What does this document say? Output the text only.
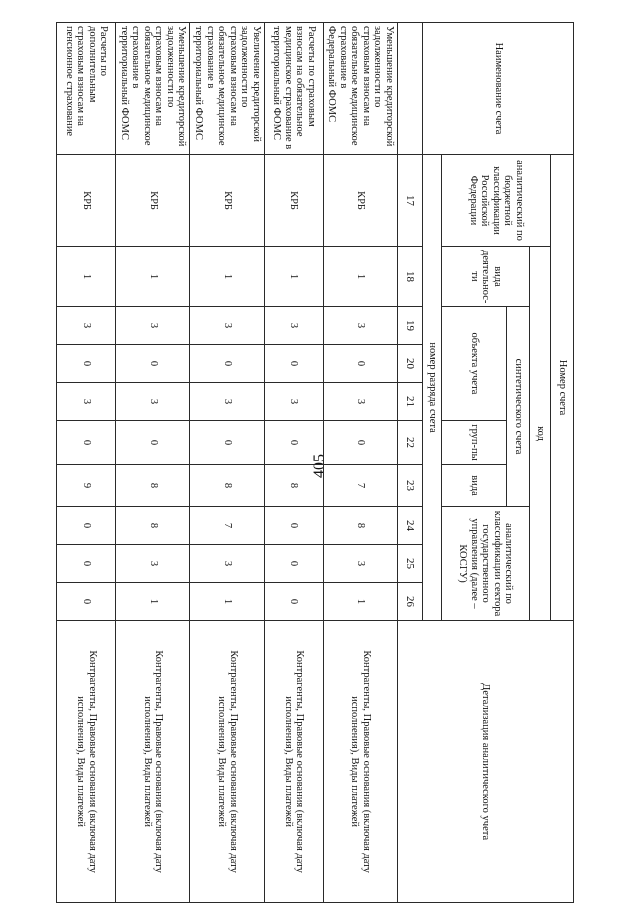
405
Наименование счета	Номер счета										Детализация аналитического учета
	аналитический по бюджетной классификации Российской Федерации	код									
		вида деятельнос-ти	синтетического счета					аналитический по классификации сектора государственного управления (далее – КОСГУ)			
			объекта учета			груп-пы	вида				
	номер разряда счета										
	17	18	19	20	21	22	23	24	25	26	
Уменьшение кредиторской задолженности по страховым взносам на обязательное медицинское страхование в Федеральный ФОМС	КРБ	1	3	0	3	0	7	8	3	1	Контрагенты, Правовые основания (включая дату исполнения), Виды платежей
Расчеты по страховым взносам на обязательное медицинское страхование в территориальный ФОМС	КРБ	1	3	0	3	0	8	0	0	0	Контрагенты, Правовые основания (включая дату исполнения), Виды платежей
Увеличение кредиторской задолженности по страховым взносам на обязательное медицинское страхование в территориальный ФОМС	КРБ	1	3	0	3	0	8	7	3	1	Контрагенты, Правовые основания (включая дату исполнения), Виды платежей
Уменьшение кредиторской задолженности по страховым взносам на обязательное медицинское страхование в территориальный ФОМС	КРБ	1	3	0	3	0	8	8	3	1	Контрагенты, Правовые основания (включая дату исполнения), Виды платежей
Расчеты по дополнительным страховым взносам на пенсионное страхование	КРБ	1	3	0	3	0	9	0	0	0	Контрагенты, Правовые основания (включая дату исполнения), Виды платежей
